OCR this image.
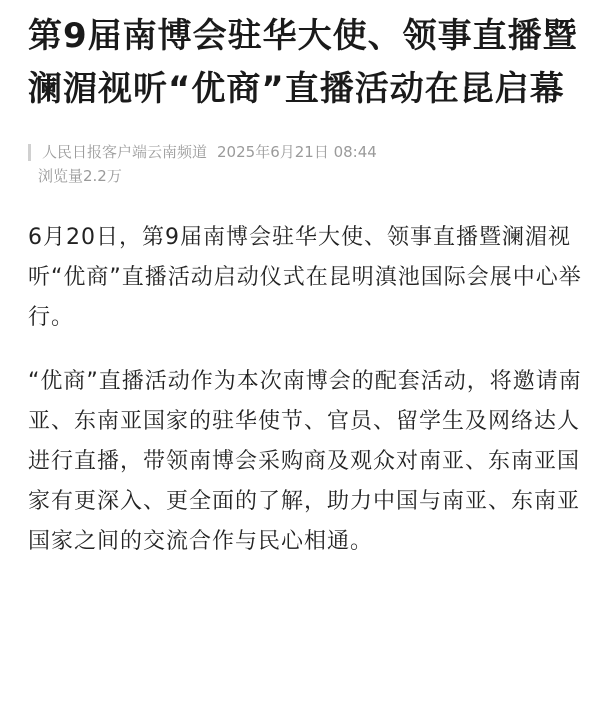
第9届南博会驻华大使、领事直播暨澜湄视听“优商”直播活动在昆启幕
人民日报客户端云南频道 2025年6月21日 08:44
浏览量2.2万

6月20日，第9届南博会驻华大使、领事直播暨澜湄视听“优商”直播活动启动仪式在昆明滇池国际会展中心举行。

“优商”直播活动作为本次南博会的配套活动，将邀请南亚、东南亚国家的驻华使节、官员、留学生及网络达人进行直播，带领南博会采购商及观众对南亚、东南亚国家有更深入、更全面的了解，助力中国与南亚、东南亚国家之间的交流合作与民心相通。
